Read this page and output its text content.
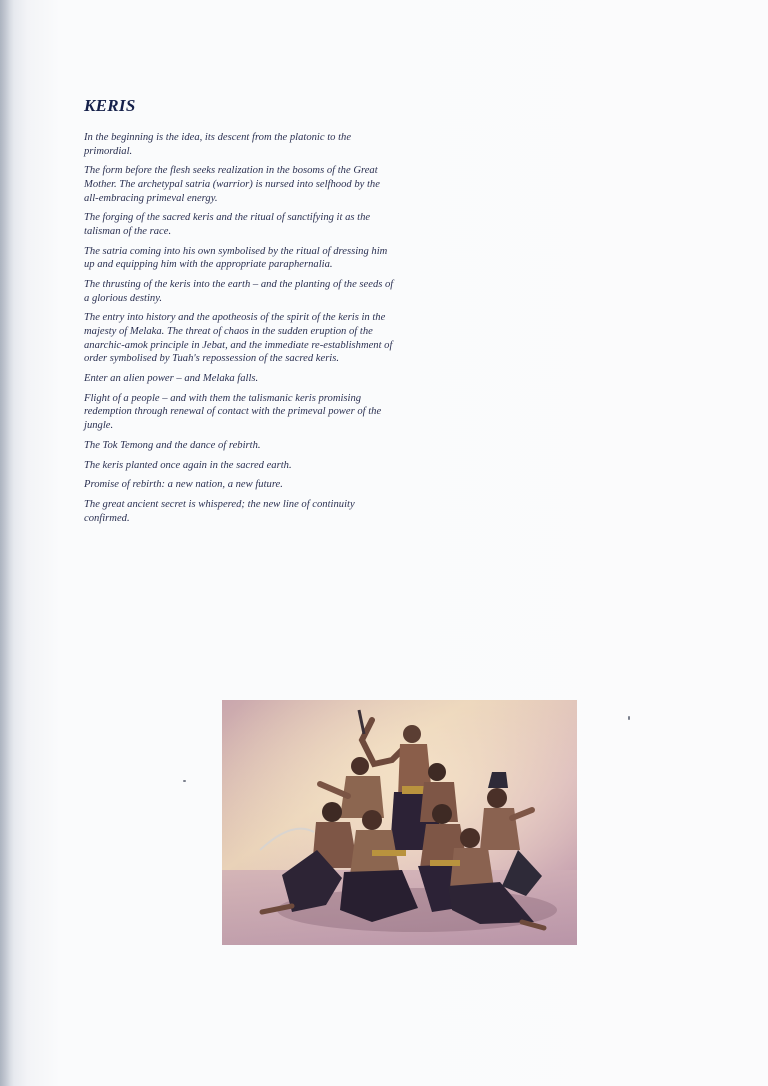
KERIS

In the beginning is the idea, its descent from the platonic to the primordial.

The form before the flesh seeks realization in the bosoms of the Great Mother. The archetypal satria (warrior) is nursed into selfhood by the all-embracing primeval energy.

The forging of the sacred keris and the ritual of sanctifying it as the talisman of the race.

The satria coming into his own symbolised by the ritual of dressing him up and equipping him with the appropriate paraphernalia.

The thrusting of the keris into the earth – and the planting of the seeds of a glorious destiny.

The entry into history and the apotheosis of the spirit of the keris in the majesty of Melaka. The threat of chaos in the sudden eruption of the anarchic-amok principle in Jebat, and the immediate re-establishment of order symbolised by Tuah's repossession of the sacred keris.

Enter an alien power – and Melaka falls.

Flight of a people – and with them the talismanic keris promising redemption through renewal of contact with the primeval power of the jungle.

The Tok Temong and the dance of rebirth.

The keris planted once again in the sacred earth.

Promise of rebirth: a new nation, a new future.

The great ancient secret is whispered; the new line of continuity confirmed.
